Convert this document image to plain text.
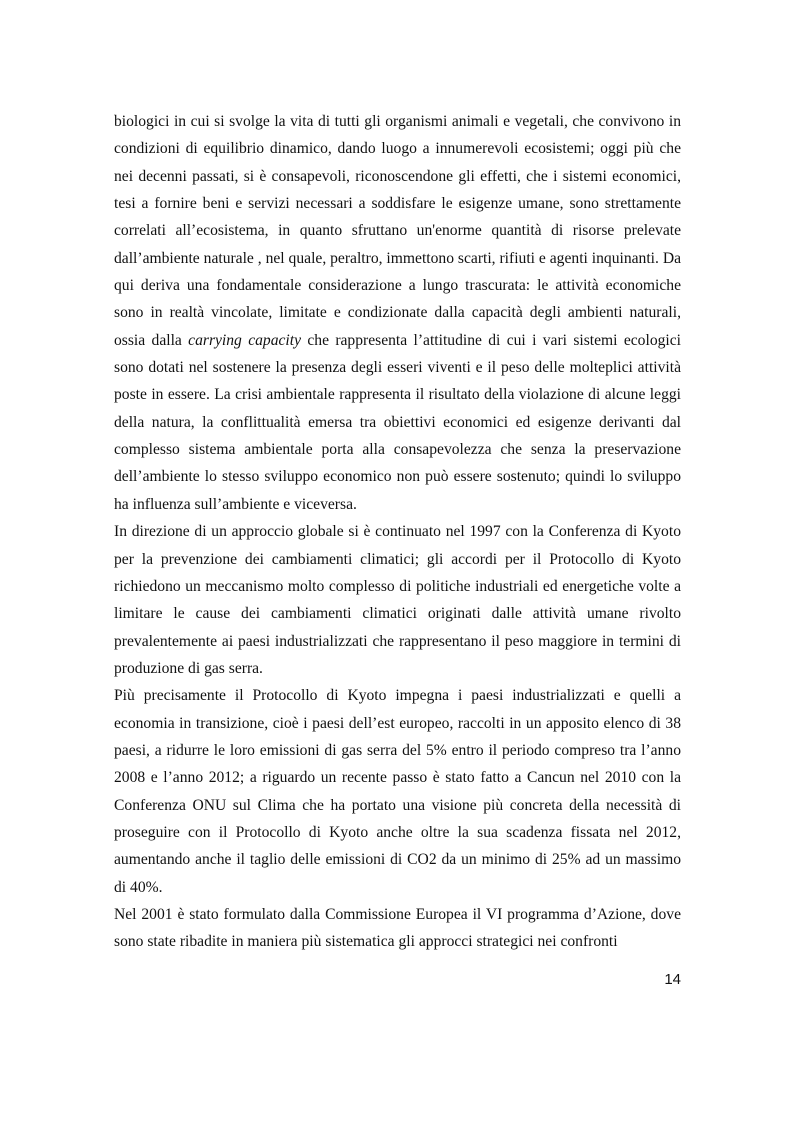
biologici in cui si svolge la vita di tutti gli organismi animali e vegetali, che convivono in condizioni di equilibrio dinamico, dando luogo a innumerevoli ecosistemi; oggi più che nei decenni passati, si è consapevoli, riconoscendone gli effetti, che i sistemi economici, tesi a fornire beni e servizi necessari a soddisfare le esigenze umane, sono strettamente correlati all’ecosistema, in quanto sfruttano un'enorme quantità di risorse prelevate dall’ambiente naturale , nel quale, peraltro, immettono scarti, rifiuti e agenti inquinanti. Da qui deriva una fondamentale considerazione a lungo trascurata: le attività economiche sono in realtà vincolate, limitate e condizionate dalla capacità degli ambienti naturali, ossia dalla carrying capacity che rappresenta l’attitudine di cui i vari sistemi ecologici sono dotati nel sostenere la presenza degli esseri viventi e il peso delle molteplici attività poste in essere. La crisi ambientale rappresenta il risultato della violazione di alcune leggi della natura, la conflittualità emersa tra obiettivi economici ed esigenze derivanti dal complesso sistema ambientale porta alla consapevolezza che senza la preservazione dell’ambiente lo stesso sviluppo economico non può essere sostenuto; quindi lo sviluppo ha influenza sull’ambiente e viceversa.

In direzione di un approccio globale si è continuato nel 1997 con la Conferenza di Kyoto per la prevenzione dei cambiamenti climatici; gli accordi per il Protocollo di Kyoto richiedono un meccanismo molto complesso di politiche industriali ed energetiche volte a limitare le cause dei cambiamenti climatici originati dalle attività umane rivolto prevalentemente ai paesi industrializzati che rappresentano il peso maggiore in termini di produzione di gas serra.

Più precisamente il Protocollo di Kyoto impegna i paesi industrializzati e quelli a economia in transizione, cioè i paesi dell’est europeo, raccolti in un apposito elenco di 38 paesi, a ridurre le loro emissioni di gas serra del 5% entro il periodo compreso tra l’anno 2008 e l’anno 2012; a riguardo un recente passo è stato fatto a Cancun nel 2010 con la Conferenza ONU sul Clima che ha portato una visione più concreta della necessità di proseguire con il Protocollo di Kyoto anche oltre la sua scadenza fissata nel 2012, aumentando anche il taglio delle emissioni di CO2 da un minimo di 25% ad un massimo di 40%.

Nel 2001 è stato formulato dalla Commissione Europea il VI programma d’Azione, dove sono state ribadite in maniera più sistematica gli approcci strategici nei confronti

14
